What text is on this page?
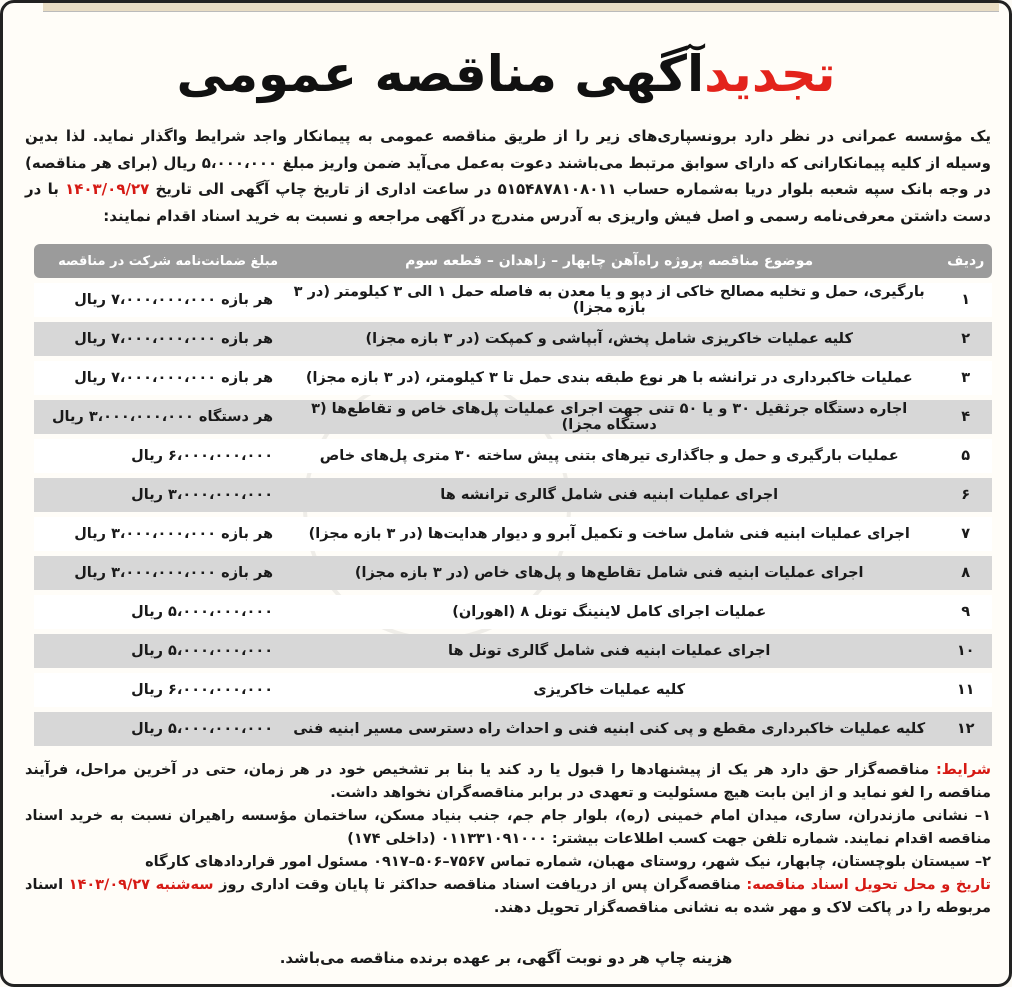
تجدیدآگهی مناقصه عمومی
یک مؤسسه عمرانی در نظر دارد برونسپاری‌های زیر را از طریق مناقصه عمومی به پیمانکار واجد شرایط واگذار نماید. لذا بدین وسیله از کلیه پیمانکارانی که دارای سوابق مرتبط می‌باشند دعوت به‌عمل می‌آید ضمن واریز مبلغ ۵،۰۰۰،۰۰۰ ریال (برای هر مناقصه) در وجه بانک سپه شعبه بلوار دریا به‌شماره حساب ۵۱۵۴۸۷۸۱۰۸۰۱۱ در ساعت اداری از تاریخ چاپ آگهی الی تاریخ ۱۴۰۳/۰۹/۲۷ با در دست داشتن معرفی‌نامه رسمی و اصل فیش واریزی به آدرس مندرج در آگهی مراجعه و نسبت به خرید اسناد اقدام نمایند:
ردیف	موضوع مناقصه پروژه راه‌آهن چابهار – زاهدان – قطعه سوم	مبلغ ضمانت‌نامه شرکت در مناقصه
۱	بارگیری، حمل و تخلیه مصالح خاکی از دپو و یا معدن به فاصله حمل ۱ الی ۳ کیلومتر (در ۳ بازه مجزا)	هر بازه ۷،۰۰۰،۰۰۰،۰۰۰ ریال
۲	کلیه عملیات خاکریزی شامل پخش، آبپاشی و کمپکت (در ۳ بازه مجزا)	هر بازه ۷،۰۰۰،۰۰۰،۰۰۰ ریال
۳	عملیات خاکبرداری در ترانشه با هر نوع طبقه بندی حمل تا ۳ کیلومتر، (در ۳ بازه مجزا)	هر بازه ۷،۰۰۰،۰۰۰،۰۰۰ ریال
۴	اجاره دستگاه جرثقیل ۳۰ و یا ۵۰ تنی جهت اجرای عملیات پل‌های خاص و تقاطع‌ها (۳ دستگاه مجزا)	هر دستگاه ۳،۰۰۰،۰۰۰،۰۰۰ ریال
۵	عملیات بارگیری و حمل و جاگذاری تیرهای بتنی پیش ساخته ۳۰ متری پل‌های خاص	۶،۰۰۰،۰۰۰،۰۰۰ ریال
۶	اجرای عملیات ابنیه فنی شامل گالری ترانشه ها	۳،۰۰۰،۰۰۰،۰۰۰ ریال
۷	اجرای عملیات ابنیه فنی شامل ساخت و تکمیل آبرو و دیوار هدایت‌ها (در ۳ بازه مجزا)	هر بازه ۳،۰۰۰،۰۰۰،۰۰۰ ریال
۸	اجرای عملیات ابنیه فنی شامل تقاطع‌ها و پل‌های خاص (در ۳ بازه مجزا)	هر بازه ۳،۰۰۰،۰۰۰،۰۰۰ ریال
۹	عملیات اجرای کامل لاینینگ تونل ۸ (اهوران)	۵،۰۰۰،۰۰۰،۰۰۰ ریال
۱۰	اجرای عملیات ابنیه فنی شامل گالری تونل ها	۵،۰۰۰،۰۰۰،۰۰۰ ریال
۱۱	کلیه عملیات خاکریزی	۶،۰۰۰،۰۰۰،۰۰۰ ریال
۱۲	کلیه عملیات خاکبرداری مقطع و پی کنی ابنیه فنی و احداث راه دسترسی مسیر ابنیه فنی	۵،۰۰۰،۰۰۰،۰۰۰ ریال
شرایط: مناقصه‌گزار حق دارد هر یک از پیشنهادها را قبول یا رد کند یا بنا بر تشخیص خود در هر زمان، حتی در آخرین مراحل، فرآیند مناقصه را لغو نماید و از این بابت هیچ مسئولیت و تعهدی در برابر مناقصه‌گران نخواهد داشت.
۱– نشانی مازندران، ساری، میدان امام خمینی (ره)، بلوار جام جم، جنب بنیاد مسکن، ساختمان مؤسسه راهیران نسبت به خرید اسناد مناقصه اقدام نمایند. شماره تلفن جهت کسب اطلاعات بیشتر: ۰۱۱۳۳۱۰۹۱۰۰۰ (داخلی ۱۷۴)
۲– سیستان بلوچستان، چابهار، نیک شهر، روستای مهبان، شماره تماس ۷۵۶۷–۵۰۶–۰۹۱۷ مسئول امور قراردادهای کارگاه
تاریخ و محل تحویل اسناد مناقصه: مناقصه‌گران پس از دریافت اسناد مناقصه حداکثر تا پایان وقت اداری روز سه‌شنبه ۱۴۰۳/۰۹/۲۷ اسناد مربوطه را در پاکت لاک و مهر شده به نشانی مناقصه‌گزار تحویل دهند.
هزینه چاپ هر دو نوبت آگهی، بر عهده برنده مناقصه می‌باشد.
